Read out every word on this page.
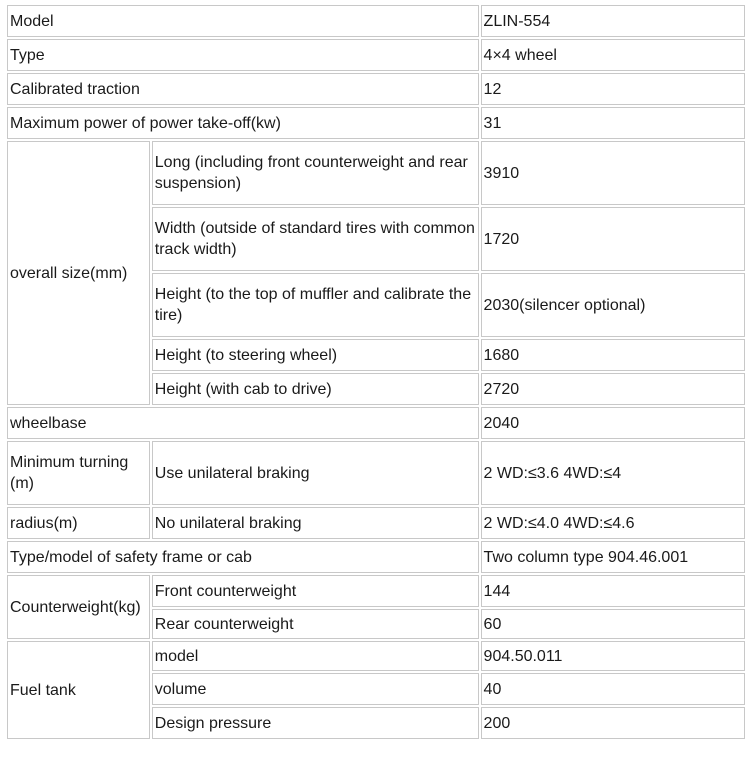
Model		ZLIN-554
Type		4×4 wheel
Calibrated traction		12
Maximum power of power take-off(kw)		31
overall size(mm)	Long (including front counterweight and rear suspension)	3910
	Width (outside of standard tires with common track width)	1720
	Height (to the top of muffler and calibrate the tire)	2030(silencer optional)
	Height (to steering wheel)	1680
	Height (with cab to drive)	2720
wheelbase		2040
Minimum turning (m)	Use unilateral braking	2 WD:≤3.6 4WD:≤4
radius(m)	No unilateral braking	2 WD:≤4.0 4WD:≤4.6
Type/model of safety frame or cab		Two column type 904.46.001
Counterweight(kg)	Front counterweight	144
	Rear counterweight	60
Fuel tank	model	904.50.011
	volume	40
	Design pressure	200
